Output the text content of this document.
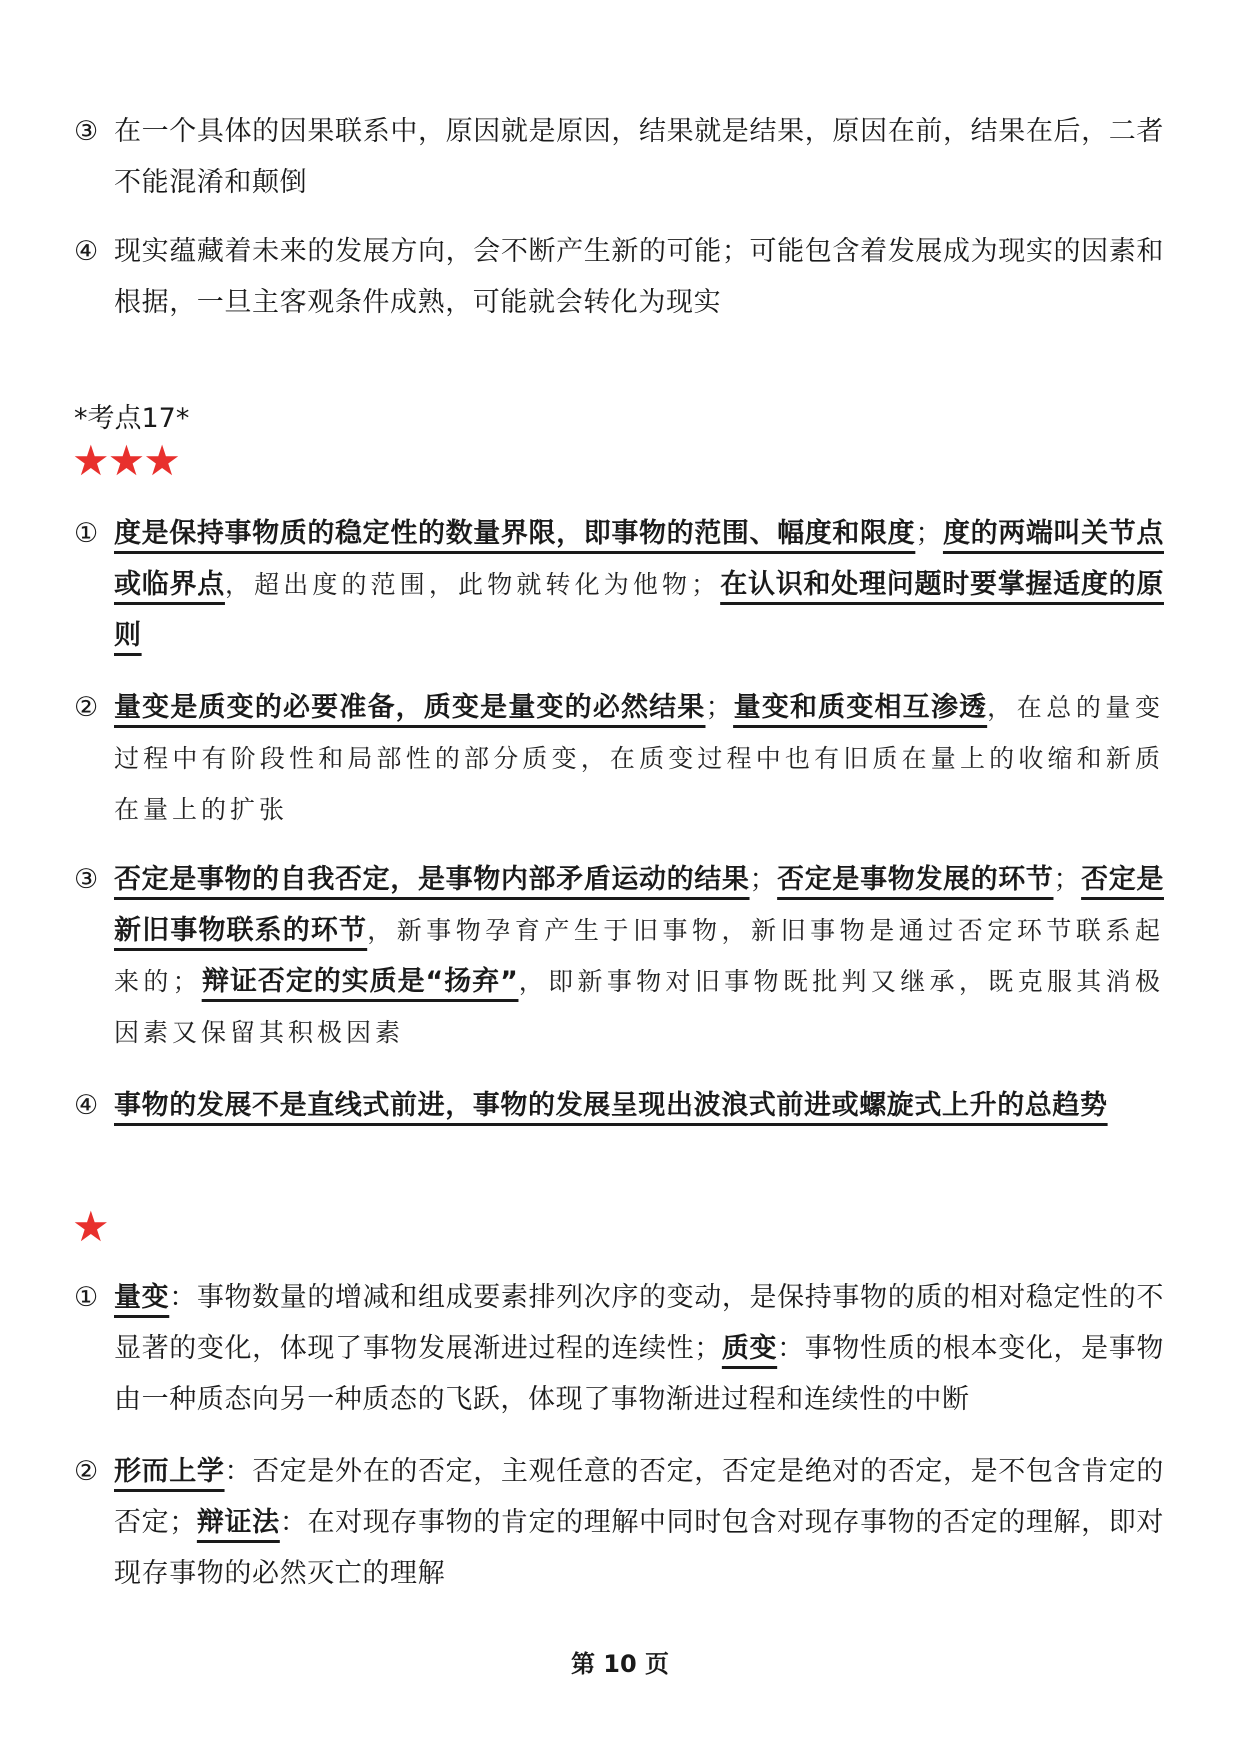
③ 在一个具体的因果联系中，原因就是原因，结果就是结果，原因在前，结果在后，二者不能混淆和颠倒
④ 现实蕴藏着未来的发展方向，会不断产生新的可能；可能包含着发展成为现实的因素和根据，一旦主客观条件成熟，可能就会转化为现实
*考点17*
★★★
① 度是保持事物质的稳定性的数量界限，即事物的范围、幅度和限度；度的两端叫关节点或临界点，超出度的范围，此物就转化为他物；在认识和处理问题时要掌握适度的原则
② 量变是质变的必要准备，质变是量变的必然结果；量变和质变相互渗透，在总的量变过程中有阶段性和局部性的部分质变，在质变过程中也有旧质在量上的收缩和新质在量上的扩张
③ 否定是事物的自我否定，是事物内部矛盾运动的结果；否定是事物发展的环节；否定是新旧事物联系的环节，新事物孕育产生于旧事物，新旧事物是通过否定环节联系起来的；辩证否定的实质是“扬弃”，即新事物对旧事物既批判又继承，既克服其消极因素又保留其积极因素
④ 事物的发展不是直线式前进，事物的发展呈现出波浪式前进或螺旋式上升的总趋势
★
① 量变：事物数量的增减和组成要素排列次序的变动，是保持事物的质的相对稳定性的不显著的变化，体现了事物发展渐进过程的连续性；质变：事物性质的根本变化，是事物由一种质态向另一种质态的飞跃，体现了事物渐进过程和连续性的中断
② 形而上学：否定是外在的否定，主观任意的否定，否定是绝对的否定，是不包含肯定的否定；辩证法：在对现存事物的肯定的理解中同时包含对现存事物的否定的理解，即对现存事物的必然灭亡的理解
第 10 页
